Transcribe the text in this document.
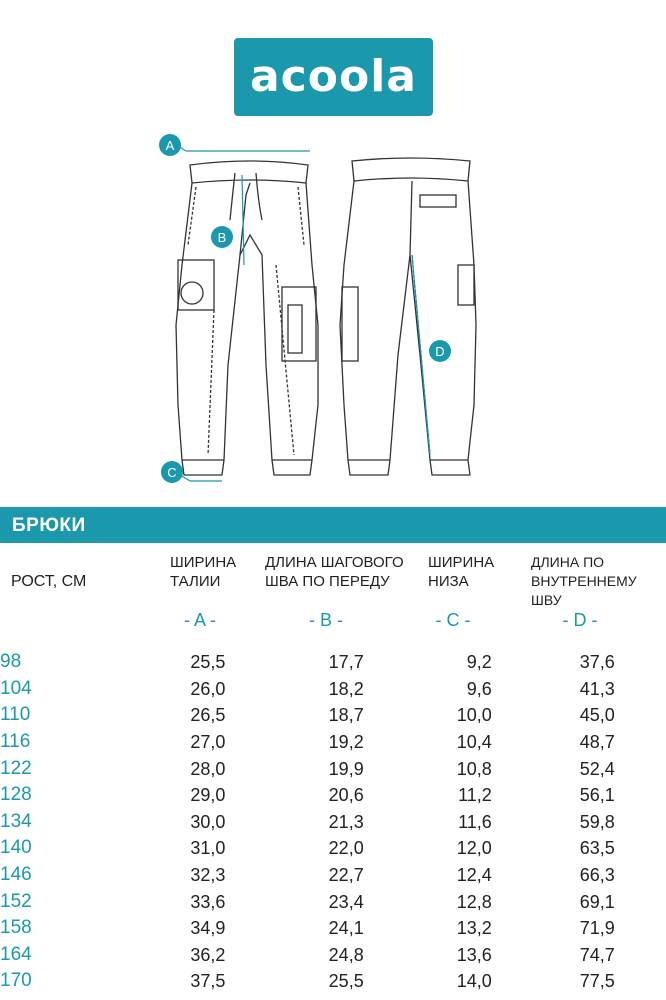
acoola
A
B
C
D
БРЮКИ
РОСТ, СМ
ШИРИНА
ТАЛИИ
ДЛИНА ШАГОВОГО
ШВА ПО ПЕРЕДУ
ШИРИНА
НИЗА
ДЛИНА ПО
ВНУТРЕННЕМУ ШВУ
- A -	- B -	- C -	- D -
98	25,5	17,7	9,2	37,6	
104	26,0	18,2	9,6	41,3	
110	26,5	18,7	10,0	45,0	
116	27,0	19,2	10,4	48,7	
122	28,0	19,9	10,8	52,4	
128	29,0	20,6	11,2	56,1	
134	30,0	21,3	11,6	59,8	
140	31,0	22,0	12,0	63,5	
146	32,3	22,7	12,4	66,3	
152	33,6	23,4	12,8	69,1	
158	34,9	24,1	13,2	71,9	
164	36,2	24,8	13,6	74,7	
170	37,5	25,5	14,0	77,5	
